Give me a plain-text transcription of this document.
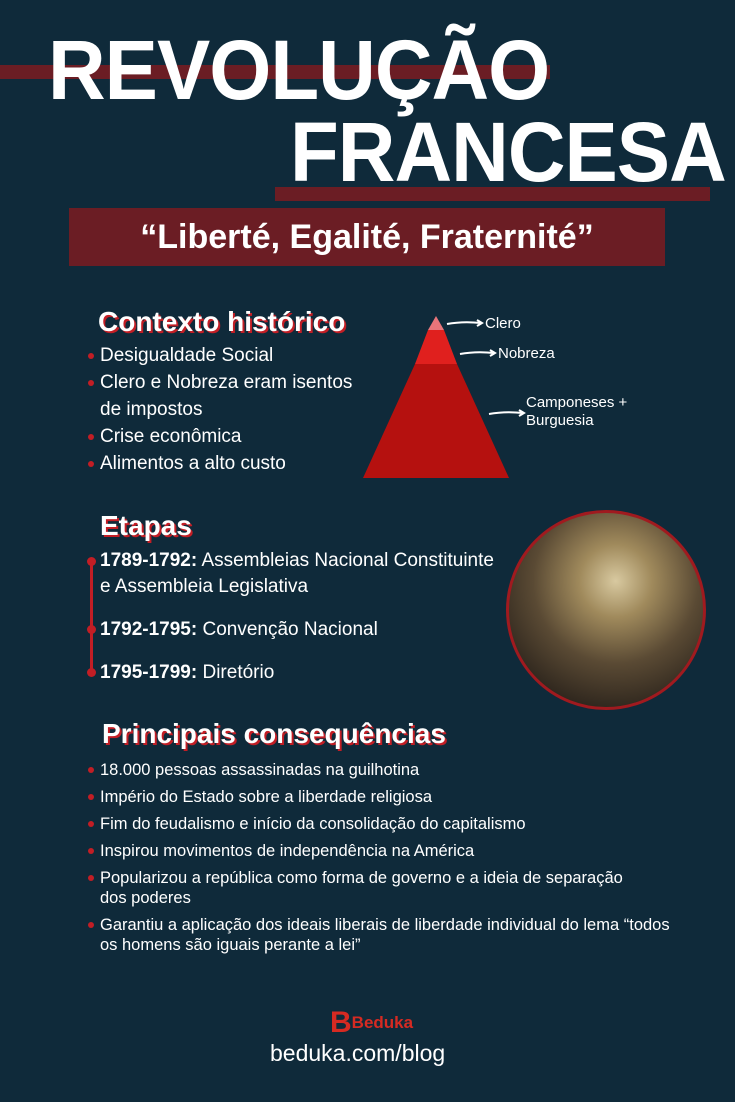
REVOLUÇÃO
FRANCESA
“Liberté, Egalité, Fraternité”
Contexto histórico
Desigualdade Social
Clero e Nobreza eram isentos de impostos
Crise econômica
Alimentos a alto custo
Clero
Nobreza
Camponeses + Burguesia
Etapas
1789-1792: Assembleias Nacional Constituinte e Assembleia Legislativa
1792-1795: Convenção Nacional
1795-1799: Diretório
Principais consequências
18.000 pessoas assassinadas na guilhotina
Império do Estado sobre a liberdade religiosa
Fim do feudalismo e início da consolidação do capitalismo
Inspirou movimentos de independência na América
Popularizou a república como forma de governo e a ideia de separação dos poderes
Garantiu a aplicação dos ideais liberais de liberdade individual do lema “todos os homens são iguais perante a lei”
B Beduka
beduka.com/blog
